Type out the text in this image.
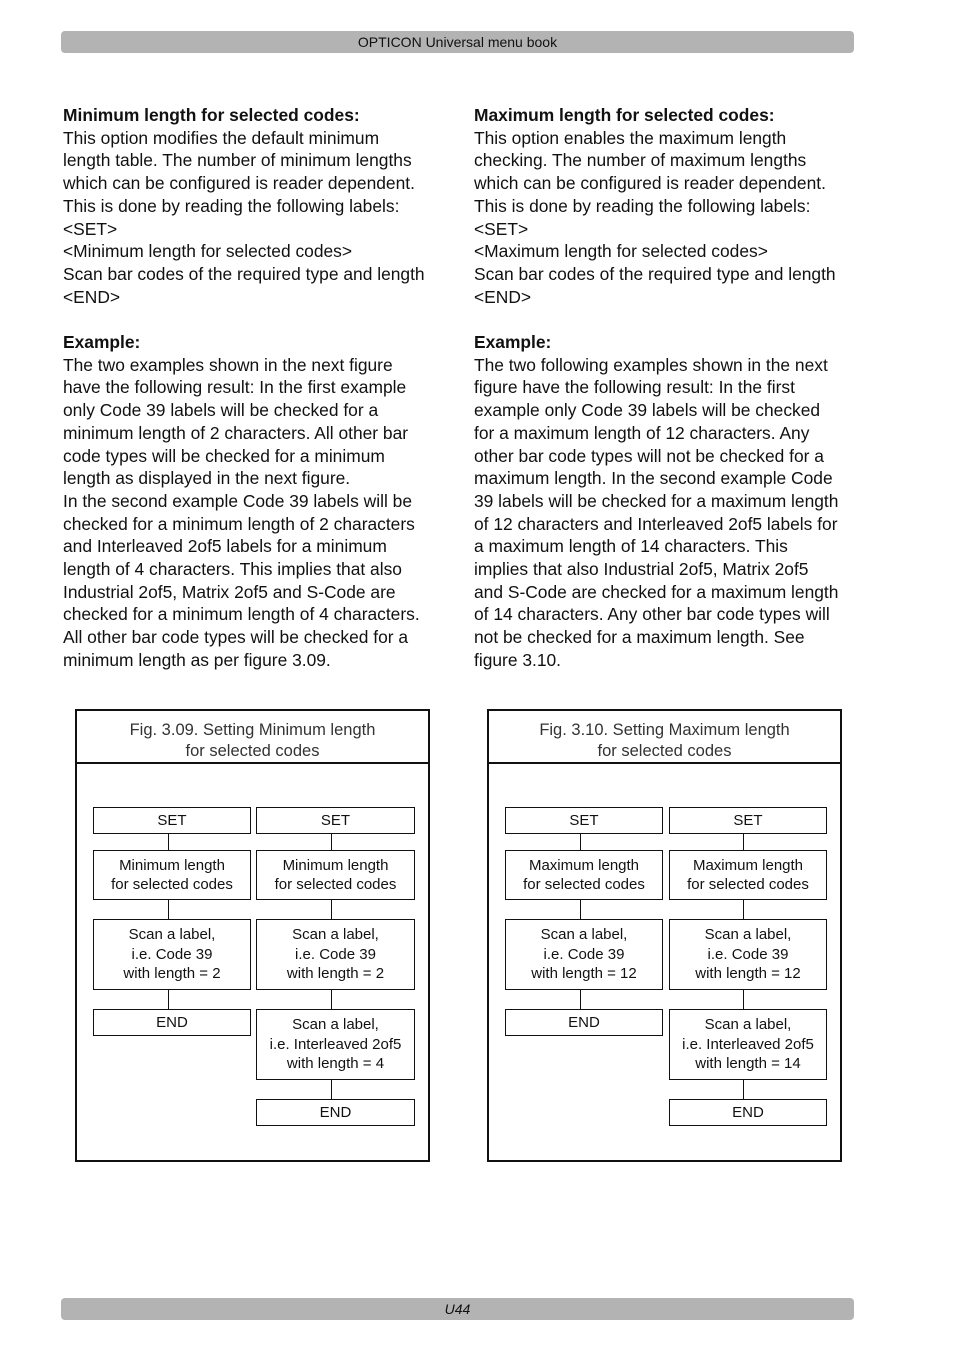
OPTICON Universal menu book

Minimum length for selected codes:

This option modifies the default minimum

length table. The number of minimum lengths

which can be configured is reader dependent.

This is done by reading the following labels:

<SET>

<Minimum length for selected codes>

Scan bar codes of the required type and length

<END>

Example:

The two examples shown in the next figure

have the following result: In the first example

only Code 39 labels will be checked for a

minimum length of 2 characters. All other bar

code types will be checked for a minimum

length as displayed in the next figure.

In the second example Code 39 labels will be

checked for a minimum length of 2 characters

and Interleaved 2of5 labels for a minimum

length of 4 characters. This implies that also

Industrial 2of5, Matrix 2of5 and S-Code are

checked for a minimum length of 4 characters.

All other bar code types will be checked for a

minimum length as per figure 3.09.

Maximum length for selected codes:

This option enables the maximum length

checking. The number of maximum lengths

which can be configured is reader dependent.

This is done by reading the following labels:

<SET>

<Maximum length for selected codes>

Scan bar codes of the required type and length

<END>

Example:

The two following examples shown in the next

figure have the following result: In the first

example only Code 39 labels will be checked

for a maximum length of 12 characters. Any

other bar code types will not be checked for a

maximum length. In the second example Code

39 labels will be checked for a maximum length

of 12 characters and Interleaved 2of5 labels for

a maximum length of 14 characters. This

implies that also Industrial 2of5, Matrix 2of5

and S-Code are checked for a maximum length

of 14 characters. Any other bar code types will

not be checked for a maximum length. See

figure 3.10.

Fig. 3.09. Setting Minimum length
for selected codes
SET
Minimum length
for selected codes
Scan a label,
i.e. Code 39
with length = 2
END
SET
Minimum length
for selected codes
Scan a label,
i.e. Code 39
with length = 2
Scan a label,
i.e. Interleaved 2of5
with length = 4
END
Fig. 3.10. Setting Maximum length
for selected codes
SET
Maximum length
for selected codes
Scan a label,
i.e. Code 39
with length = 12
END
SET
Maximum length
for selected codes
Scan a label,
i.e. Code 39
with length = 12
Scan a label,
i.e. Interleaved 2of5
with length = 14
END
U44
